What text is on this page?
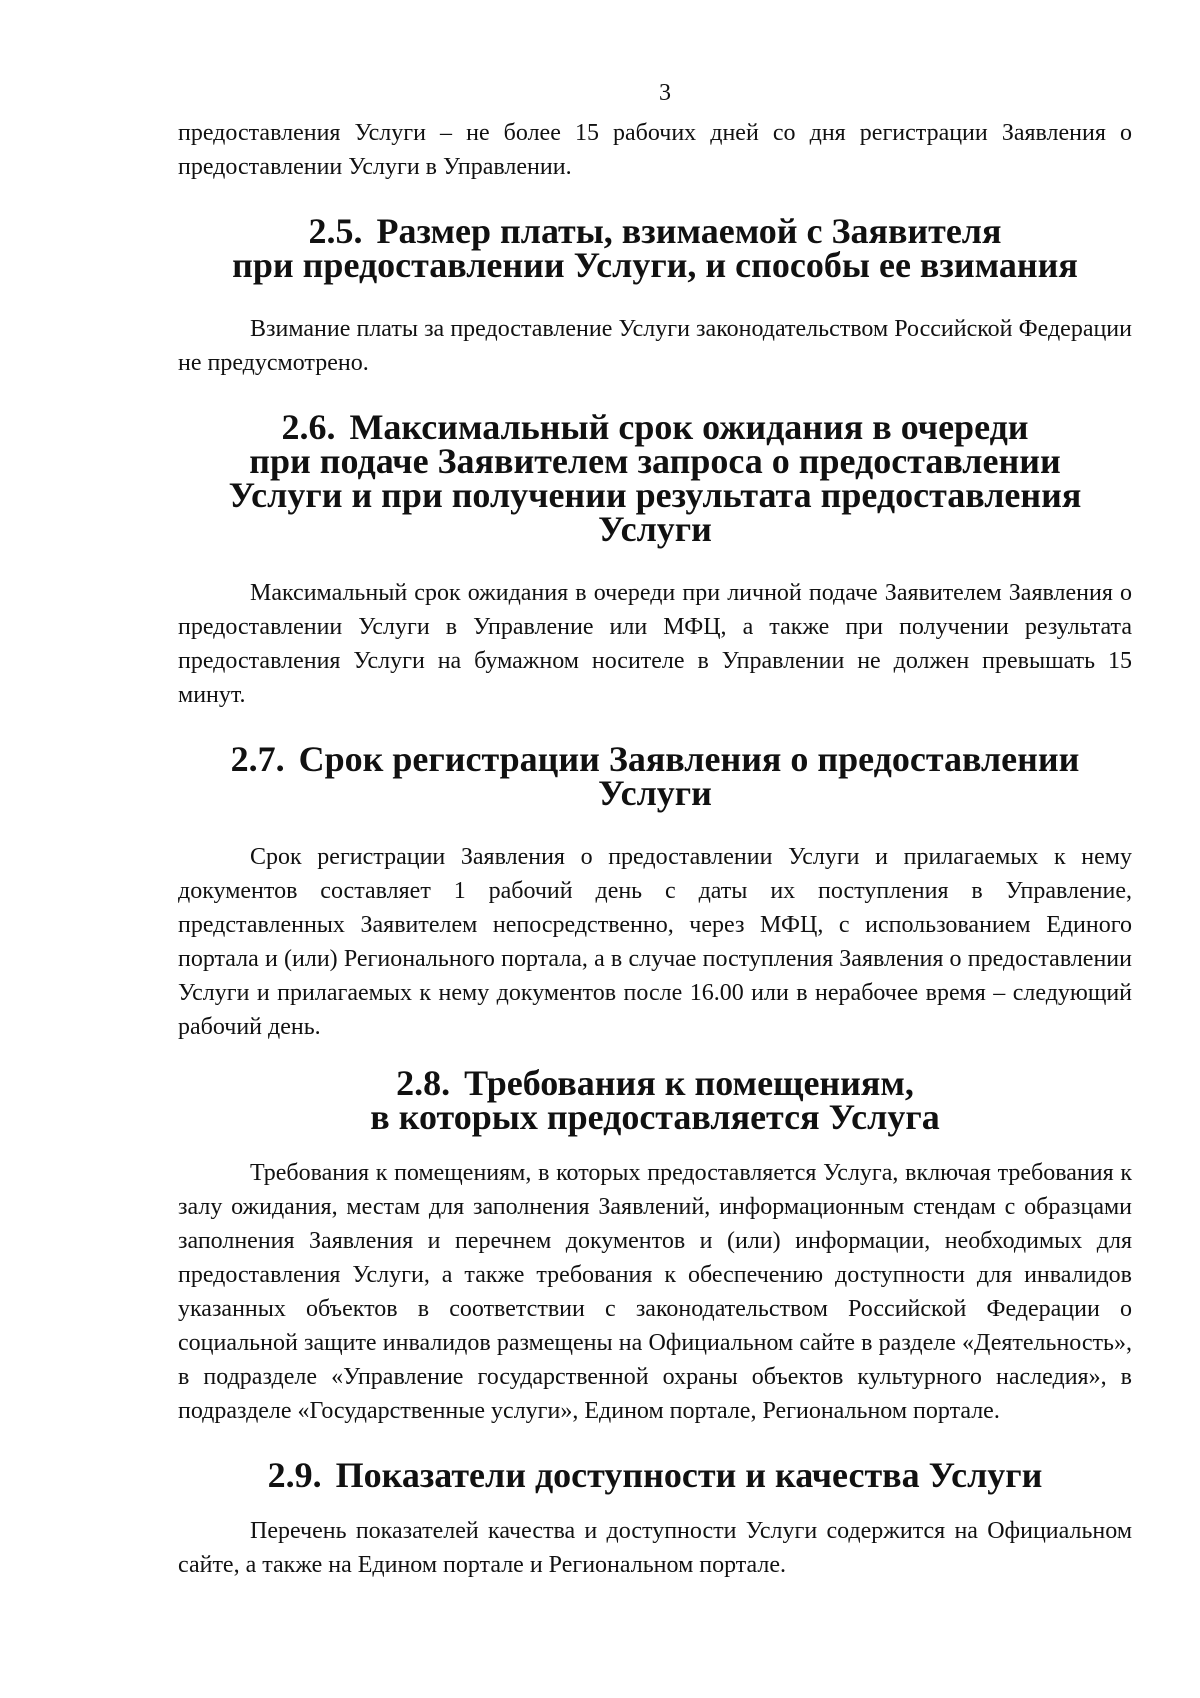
3

предоставления Услуги – не более 15 рабочих дней со дня регистрации Заявления о предоставлении Услуги в Управлении.

2.5. Размер платы, взимаемой с Заявителя
при предоставлении Услуги, и способы ее взимания

Взимание платы за предоставление Услуги законодательством Российской Федерации не предусмотрено.

2.6. Максимальный срок ожидания в очереди
при подаче Заявителем запроса о предоставлении
Услуги и при получении результата предоставления Услуги

Максимальный срок ожидания в очереди при личной подаче Заявителем Заявления о предоставлении Услуги в Управление или МФЦ, а также при получении результата предоставления Услуги на бумажном носителе в Управлении не должен превышать 15 минут.

2.7. Срок регистрации Заявления о предоставлении Услуги

Срок регистрации Заявления о предоставлении Услуги и прилагаемых к нему документов составляет 1 рабочий день с даты их поступления в Управление, представленных Заявителем непосредственно, через МФЦ, с использованием Единого портала и (или) Регионального портала, а в случае поступления Заявления о предоставлении Услуги и прилагаемых к нему документов после 16.00 или в нерабочее время – следующий рабочий день.

2.8. Требования к помещениям,
в которых предоставляется Услуга

Требования к помещениям, в которых предоставляется Услуга, включая требования к залу ожидания, местам для заполнения Заявлений, информационным стендам с образцами заполнения Заявления и перечнем документов и (или) информации, необходимых для предоставления Услуги, а также требования к обеспечению доступности для инвалидов указанных объектов в соответствии с законодательством Российской Федерации о социальной защите инвалидов размещены на Официальном сайте в разделе «Деятельность», в подразделе «Управление государственной охраны объектов культурного наследия», в подразделе «Государственные услуги», Едином портале, Региональном портале.

2.9. Показатели доступности и качества Услуги

Перечень показателей качества и доступности Услуги содержится на Официальном сайте, а также на Едином портале и Региональном портале.
